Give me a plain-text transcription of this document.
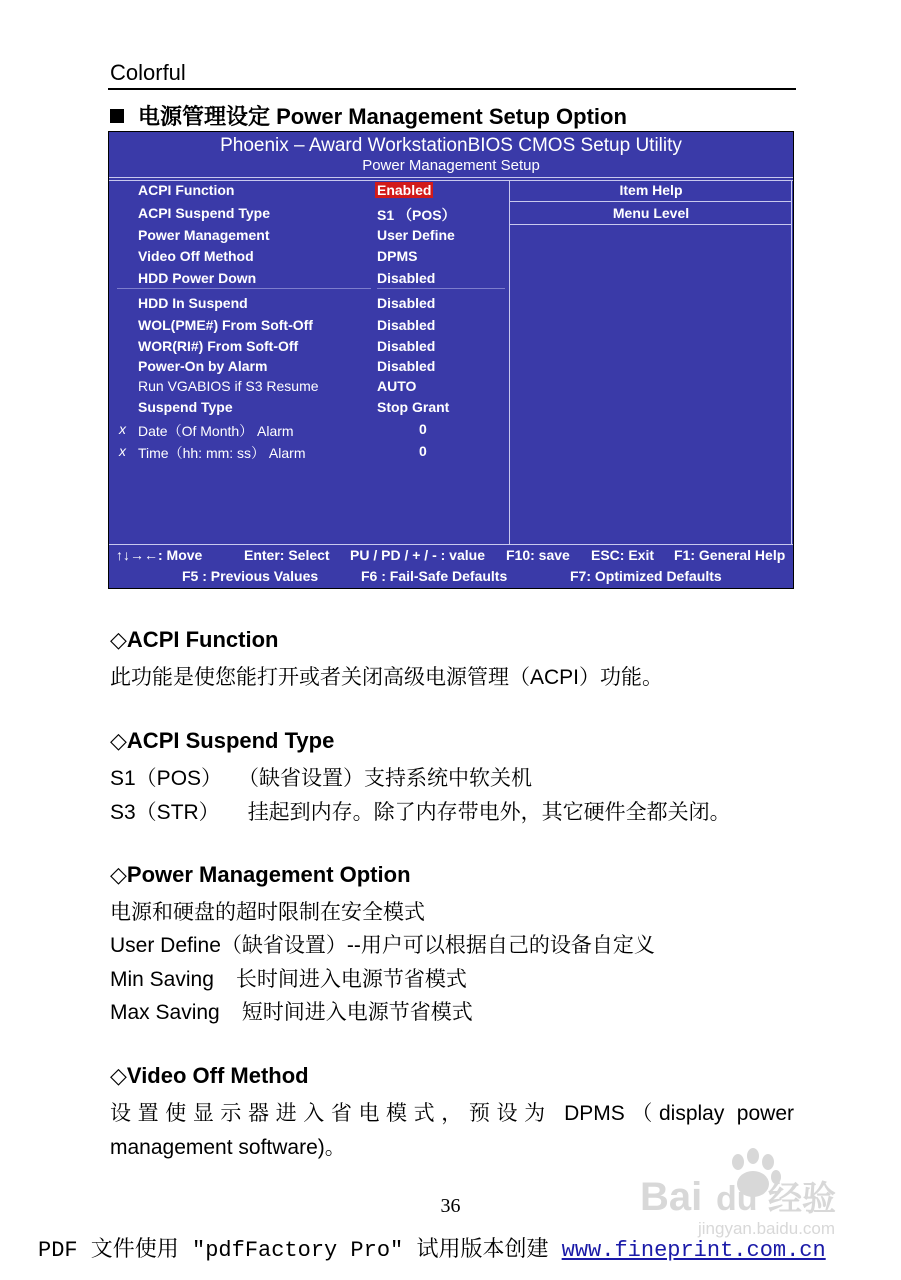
Colorful
电源管理设定 Power Management Setup Option
Phoenix – Award WorkstationBIOS CMOS Setup Utility
Power Management Setup
Item Help
Menu Level
ACPI Function	Enabled
ACPI Suspend Type	S1 （POS）
Power Management	User Define
Video Off Method	DPMS
HDD Power Down	Disabled
HDD In Suspend	Disabled
WOL(PME#) From Soft-Off	Disabled
WOR(RI#) From Soft-Off	Disabled
Power-On by Alarm	Disabled
Run VGABIOS if S3 Resume	AUTO
Suspend Type	Stop Grant
x Date（Of Month） Alarm	0
x Time（hh: mm: ss） Alarm	0
↑↓→←: Move	Enter: Select PU / PD / + / - : value F10: save ESC: Exit F1: General Help
F5 : Previous Values	F6 : Fail-Safe Defaults	F7: Optimized Defaults
◇ACPI Function
此功能是使您能打开或者关闭高级电源管理（ACPI）功能。
◇ACPI Suspend Type
S1（POS） （缺省设置）支持系统中软关机
S3（STR） 挂起到内存。除了内存带电外，其它硬件全都关闭。
◇Power Management Option
电源和硬盘的超时限制在安全模式
User Define（缺省设置）--用户可以根据自己的设备自定义
Min Saving 长时间进入电源节省模式
Max Saving 短时间进入电源节省模式
◇Video Off Method
设置使显示器进入省电模式，预设为 DPMS（display power
management software)。
36	Bai du 经验
jingyan.baidu.com
PDF 文件使用 "pdfFactory Pro" 试用版本创建 www.fineprint.com.cn
